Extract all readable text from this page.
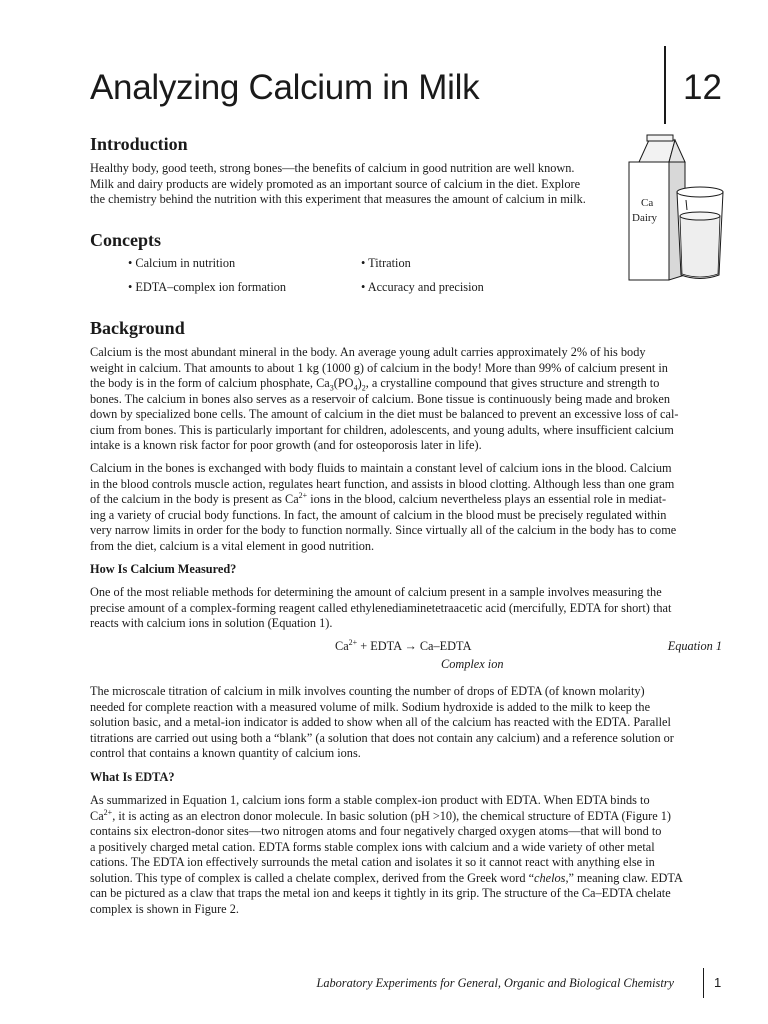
Analyzing Calcium in Milk	12
Ca
Dairy
Introduction
Healthy body, good teeth, strong bones—the benefits of calcium in good nutrition are well known.
Milk and dairy products are widely promoted as an important source of calcium in the diet. Explore
the chemistry behind the nutrition with this experiment that measures the amount of calcium in milk.
Concepts
• Calcium in nutrition	• Titration
• EDTA–complex ion formation	• Accuracy and precision
Background
Calcium is the most abundant mineral in the body. An average young adult carries approximately 2% of his body
weight in calcium. That amounts to about 1 kg (1000 g) of calcium in the body! More than 99% of calcium present in
the body is in the form of calcium phosphate, $Ca_3(PO_4)_2$, a crystalline compound that gives structure and strength to
bones. The calcium in bones also serves as a reservoir of calcium. Bone tissue is continuously being made and broken
down by specialized bone cells. The amount of calcium in the diet must be balanced to prevent an excessive loss of cal-
cium from bones. This is particularly important for children, adolescents, and young adults, where insufficient calcium
intake is a known risk factor for poor growth (and for osteoporosis later in life).
Calcium in the bones is exchanged with body fluids to maintain a constant level of calcium ions in the blood. Calcium
in the blood controls muscle action, regulates heart function, and assists in blood clotting. Although less than one gram
of the calcium in the body is present as $Ca^{2+}$ ions in the blood, calcium nevertheless plays an essential role in mediat-
ing a variety of crucial body functions. In fact, the amount of calcium in the blood must be precisely regulated within
very narrow limits in order for the body to function normally. Since virtually all of the calcium in the body has to come
from the diet, calcium is a vital element in good nutrition.
How Is Calcium Measured?
One of the most reliable methods for determining the amount of calcium present in a sample involves measuring the
precise amount of a complex-forming reagent called ethylenediaminetetraacetic acid (mercifully, EDTA for short) that
reacts with calcium ions in solution (Equation 1).
$Ca^{2+}$ + EDTA → Ca–EDTA
Complex ion
Equation 1
The microscale titration of calcium in milk involves counting the number of drops of EDTA (of known molarity)
needed for complete reaction with a measured volume of milk. Sodium hydroxide is added to the milk to keep the
solution basic, and a metal-ion indicator is added to show when all of the calcium has reacted with the EDTA. Parallel
titrations are carried out using both a “blank” (a solution that does not contain any calcium) and a reference solution or
control that contains a known quantity of calcium ions.
What Is EDTA?
As summarized in Equation 1, calcium ions form a stable complex-ion product with EDTA. When EDTA binds to
$Ca^{2+}$, it is acting as an electron donor molecule. In basic solution (pH >10), the chemical structure of EDTA (Figure 1)
contains six electron-donor sites—two nitrogen atoms and four negatively charged oxygen atoms—that will bond to
a positively charged metal cation. EDTA forms stable complex ions with calcium and a wide variety of other metal
cations. The EDTA ion effectively surrounds the metal cation and isolates it so it cannot react with anything else in
solution. This type of complex is called a chelate complex, derived from the Greek word “chelos,” meaning claw. EDTA
can be pictured as a claw that traps the metal ion and keeps it tightly in its grip. The structure of the Ca–EDTA chelate
complex is shown in Figure 2.
Laboratory Experiments for General, Organic and Biological Chemistry	1
